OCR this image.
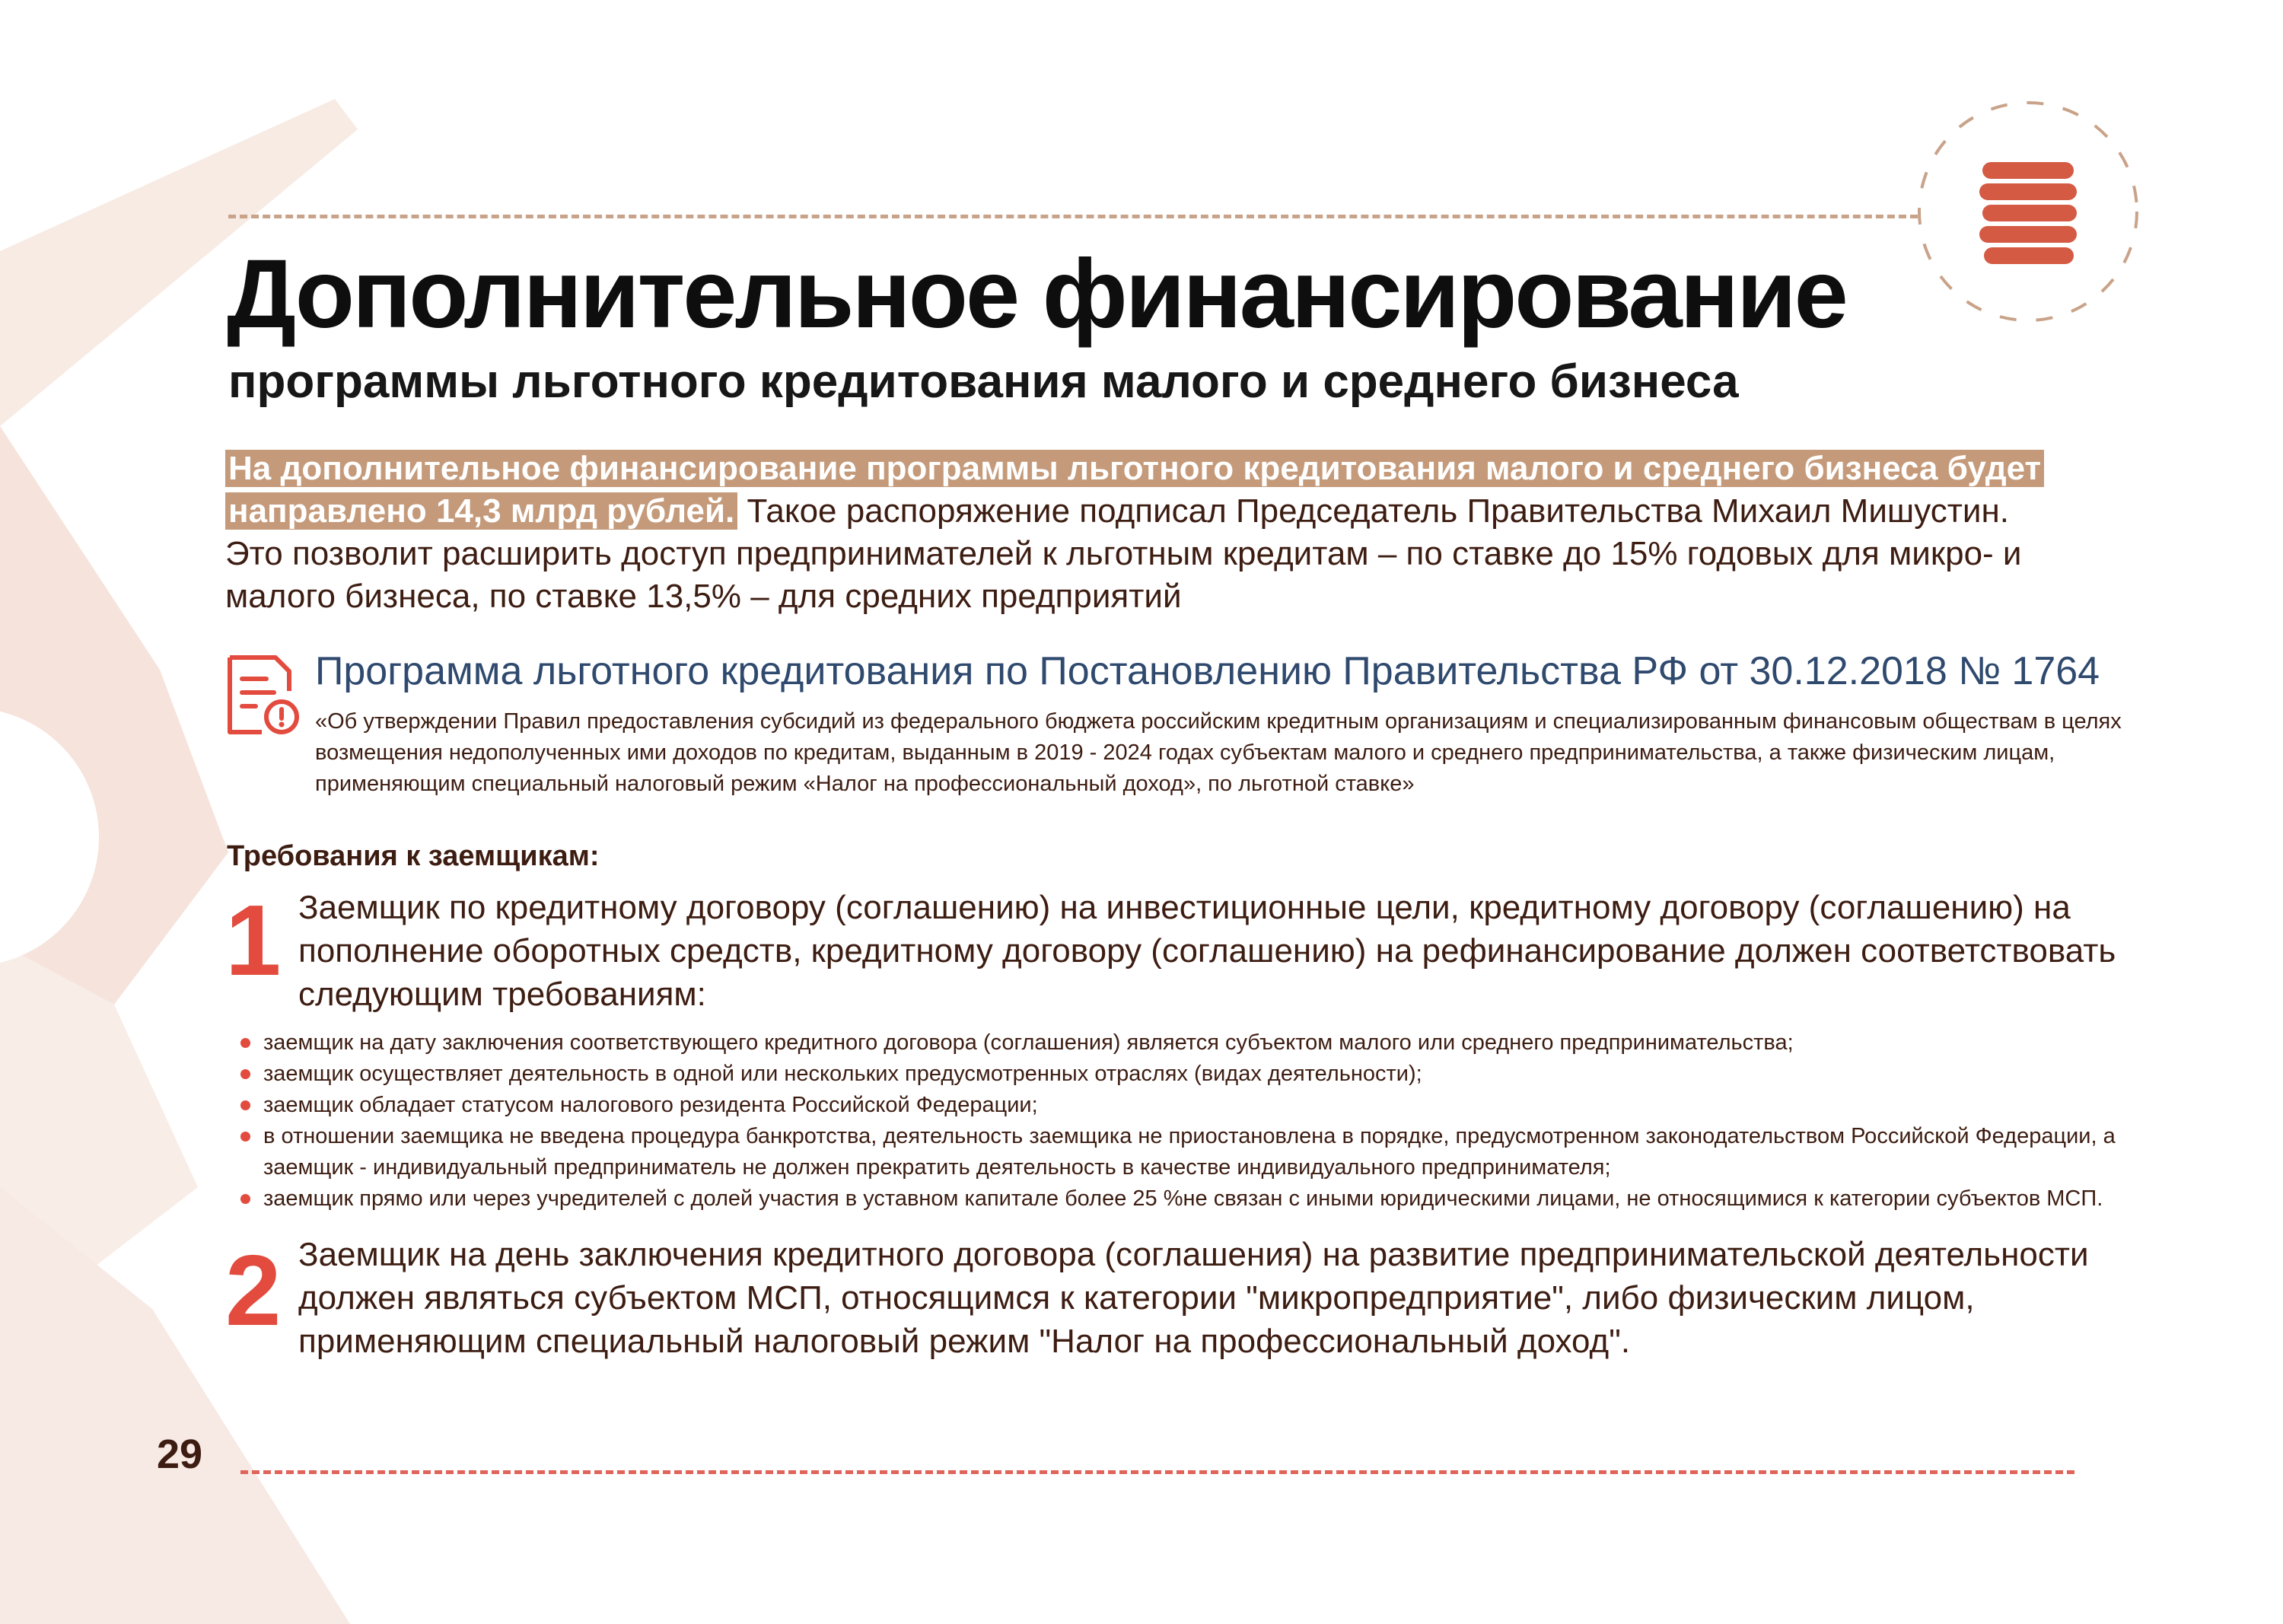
Дополнительное финансирование
программы льготного кредитования малого и среднего бизнеса
На дополнительное финансирование программы льготного кредитования малого и среднего бизнеса будет направлено 14,3 млрд рублей. Такое распоряжение подписал Председатель Правительства Михаил Мишустин. Это позволит расширить доступ предпринимателей к льготным кредитам – по ставке до 15% годовых для микро- и малого бизнеса, по ставке 13,5% – для средних предприятий
Программа льготного кредитования по Постановлению Правительства РФ от 30.12.2018 № 1764

«Об утверждении Правил предоставления субсидий из федерального бюджета российским кредитным организациям и специализированным финансовым обществам в целях возмещения недополученных ими доходов по кредитам, выданным в 2019 - 2024 годах субъектам малого и среднего предпринимательства, а также физическим лицам, применяющим специальный налоговый режим «Налог на профессиональный доход», по льготной ставке»

Требования к заемщикам:
1 Заемщик по кредитному договору (соглашению) на инвестиционные цели, кредитному договору (соглашению) на пополнение оборотных средств, кредитному договору (соглашению) на рефинансирование должен соответствовать следующим требованиям:

заемщик на дату заключения соответствующего кредитного договора (соглашения) является субъектом малого или среднего предпринимательства;
заемщик осуществляет деятельность в одной или нескольких предусмотренных отраслях (видах деятельности);
заемщик обладает статусом налогового резидента Российской Федерации;
в отношении заемщика не введена процедура банкротства, деятельность заемщика не приостановлена в порядке, предусмотренном законодательством Российской Федерации, а заемщик - индивидуальный предприниматель не должен прекратить деятельность в качестве индивидуального предпринимателя;
заемщик прямо или через учредителей с долей участия в уставном капитале более 25 %не связан с иными юридическими лицами, не относящимися к категории субъектов МСП.
2 Заемщик на день заключения кредитного договора (соглашения) на развитие предпринимательской деятельности должен являться субъектом МСП, относящимся к категории "микропредприятие", либо физическим лицом, применяющим специальный налоговый режим "Налог на профессиональный доход".

29
